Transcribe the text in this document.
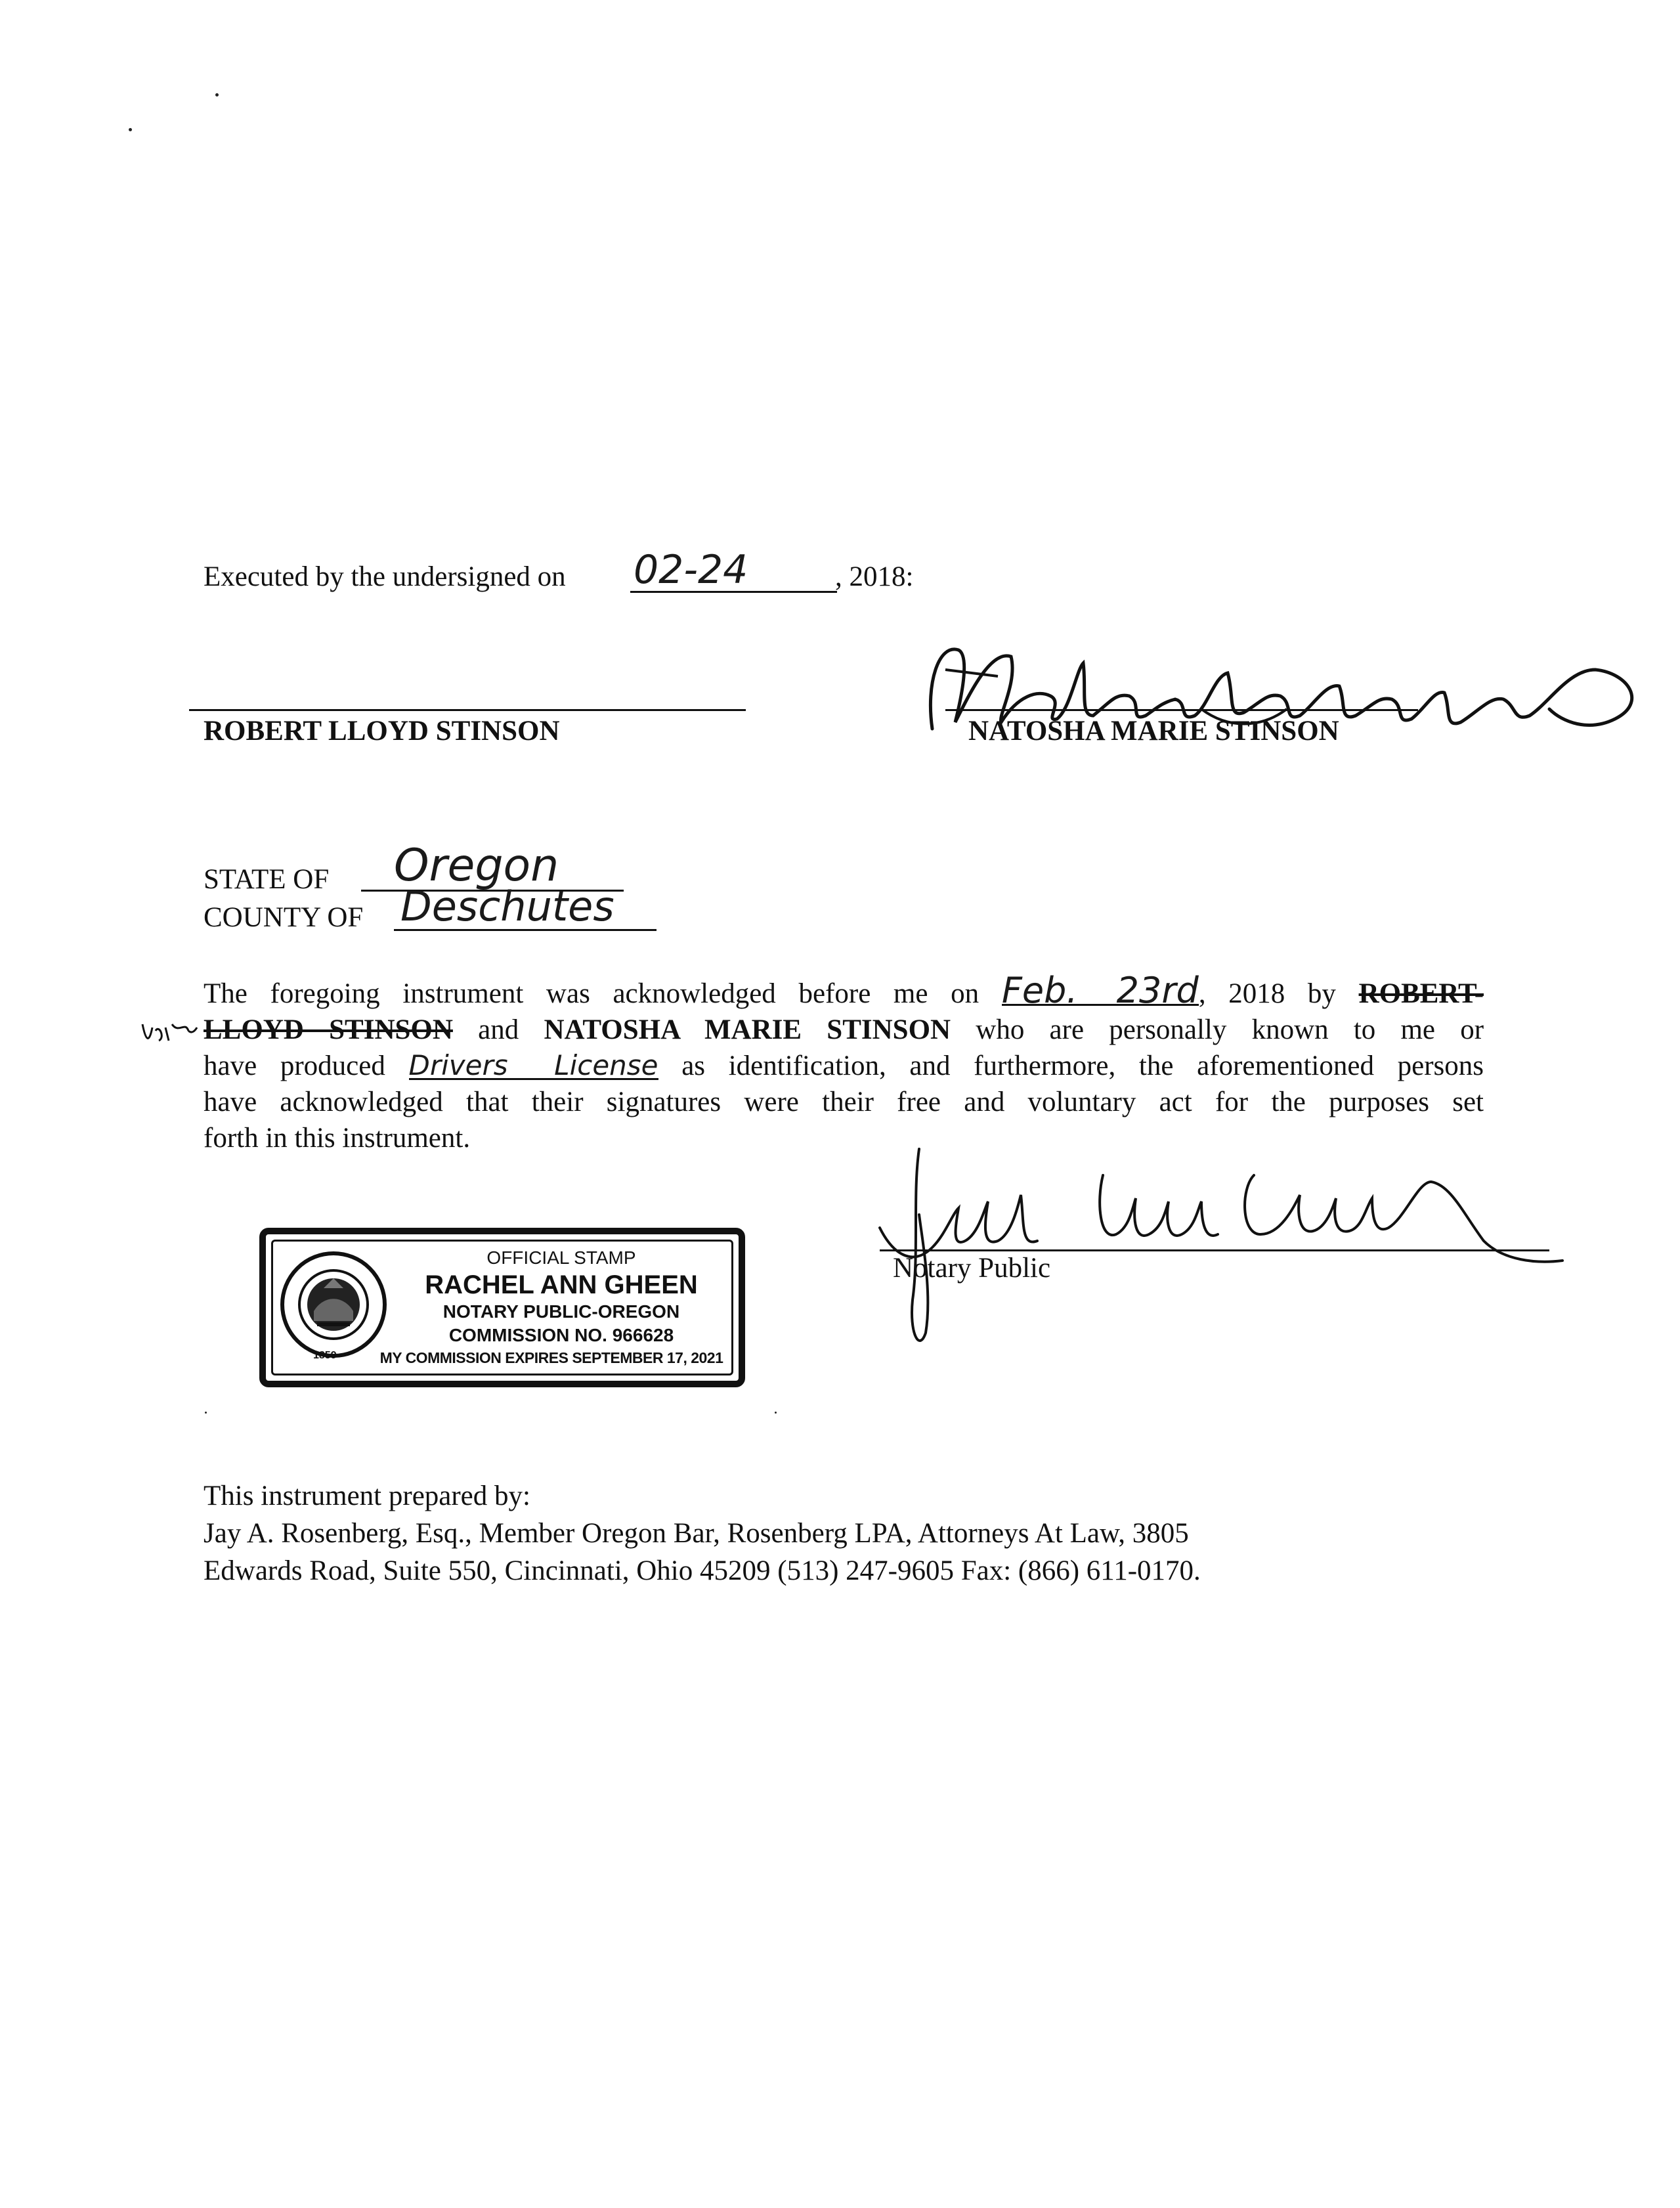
Executed by the undersigned on 02-24	, 2018:
ROBERT LLOYD STINSON	NATOSHA MARIE STINSON
STATE OF Oregon
COUNTY OF Deschutes
The foregoing instrument was acknowledged before me on Feb. 23rd, 2018 by ROBERT-
LLOYD STINSON and NATOSHA MARIE STINSON who are personally known to me or
have produced Drivers License as identification, and furthermore, the aforementioned persons
have acknowledged that their signatures were their free and voluntary act for the purposes set
forth in this instrument.
1859
OFFICIAL STAMP
RACHEL ANN GHEEN
NOTARY PUBLIC-OREGON
COMMISSION NO. 966628
MY COMMISSION EXPIRES SEPTEMBER 17, 2021
Notary Public
This instrument prepared by:
Jay A. Rosenberg, Esq., Member Oregon Bar, Rosenberg LPA, Attorneys At Law, 3805
Edwards Road, Suite 550, Cincinnati, Ohio 45209 (513) 247-9605 Fax: (866) 611-0170.
